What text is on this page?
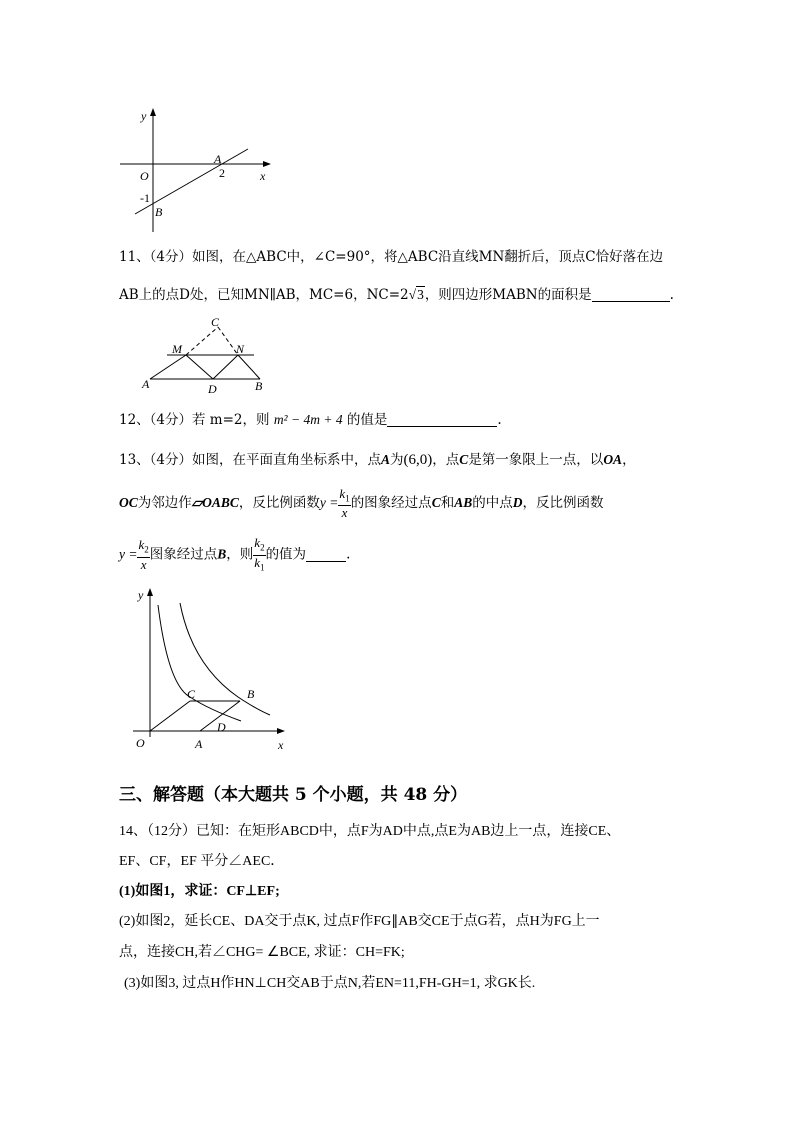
y
x
O
A
2
-1
B
11、（4分）如图，在△ABC中，∠C=90°，将△ABC沿直线MN翻折后，顶点C恰好落在边
AB上的点D处，已知MN∥AB，MC=6，NC=2√3，则四边形MABN的面积是	.
C
M	N
A	D	B
12、（4分）若 m=2，则 m² − 4m + 4 的值是	.
13、（4分）如图，在平面直角坐标系中，点A为(6,0)，点C是第一象限上一点，以OA，
OC为邻边作▱OABC，反比例函数$y = \frac{k_1}{x}$ 的图象经过点C和AB的中点D，反比例函数
$y = \frac{k_2}{x}$ 图象经过点B，则 $\frac{k_2}{k_1}$ 的值为	.
y
x
O	A
C	B
D
三、解答题（本大题共 5 个小题，共 48 分）
14、（12分）已知：在矩形ABCD中，点F为AD中点,点E为AB边上一点，连接CE、
EF、CF，EF 平分∠AEC．
(1)如图1，求证：CF⊥EF;
(2)如图2，延长CE、DA交于点K, 过点F作FG∥AB交CE于点G若，点H为FG上一
点，连接CH,若∠CHG= ∠BCE, 求证：CH=FK;
(3)如图3, 过点H作HN⊥CH交AB于点N,若EN=11,FH-GH=1, 求GK长.
